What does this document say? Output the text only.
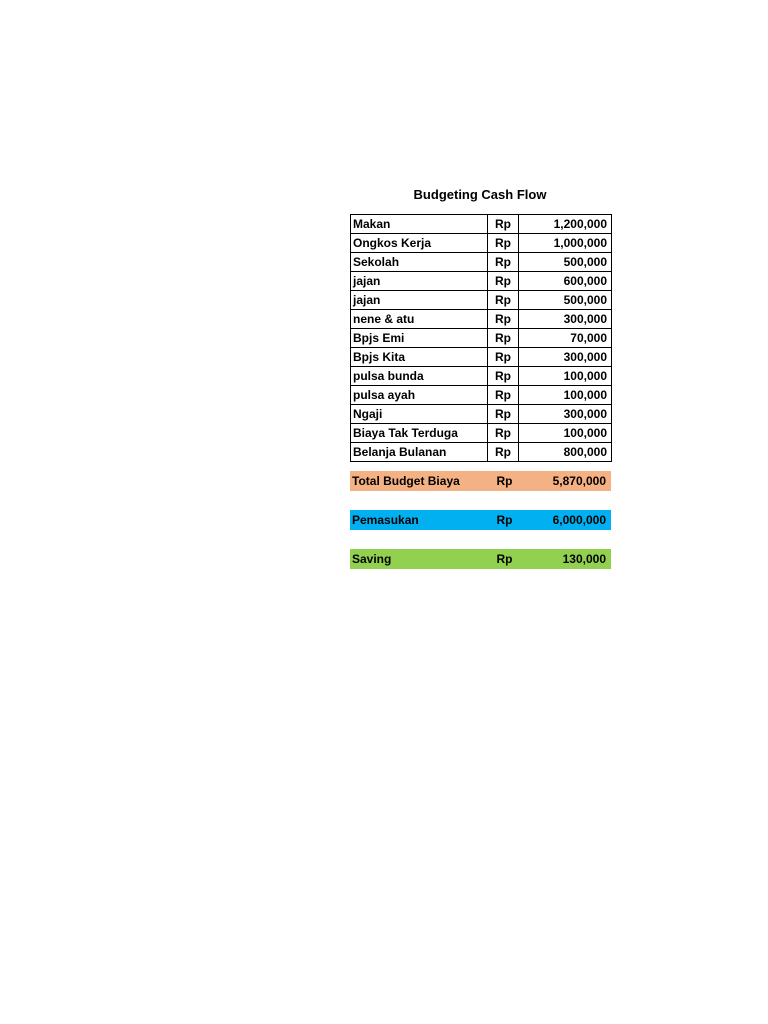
Budgeting Cash Flow
Makan	Rp	1,200,000
Ongkos Kerja	Rp	1,000,000
Sekolah	Rp	500,000
jajan	Rp	600,000
jajan	Rp	500,000
nene & atu	Rp	300,000
Bpjs Emi	Rp	70,000
Bpjs Kita	Rp	300,000
pulsa bunda	Rp	100,000
pulsa ayah	Rp	100,000
Ngaji	Rp	300,000
Biaya Tak Terduga	Rp	100,000
Belanja Bulanan	Rp	800,000
Total Budget Biaya	Rp	5,870,000
Pemasukan	Rp	6,000,000
Saving	Rp	130,000
